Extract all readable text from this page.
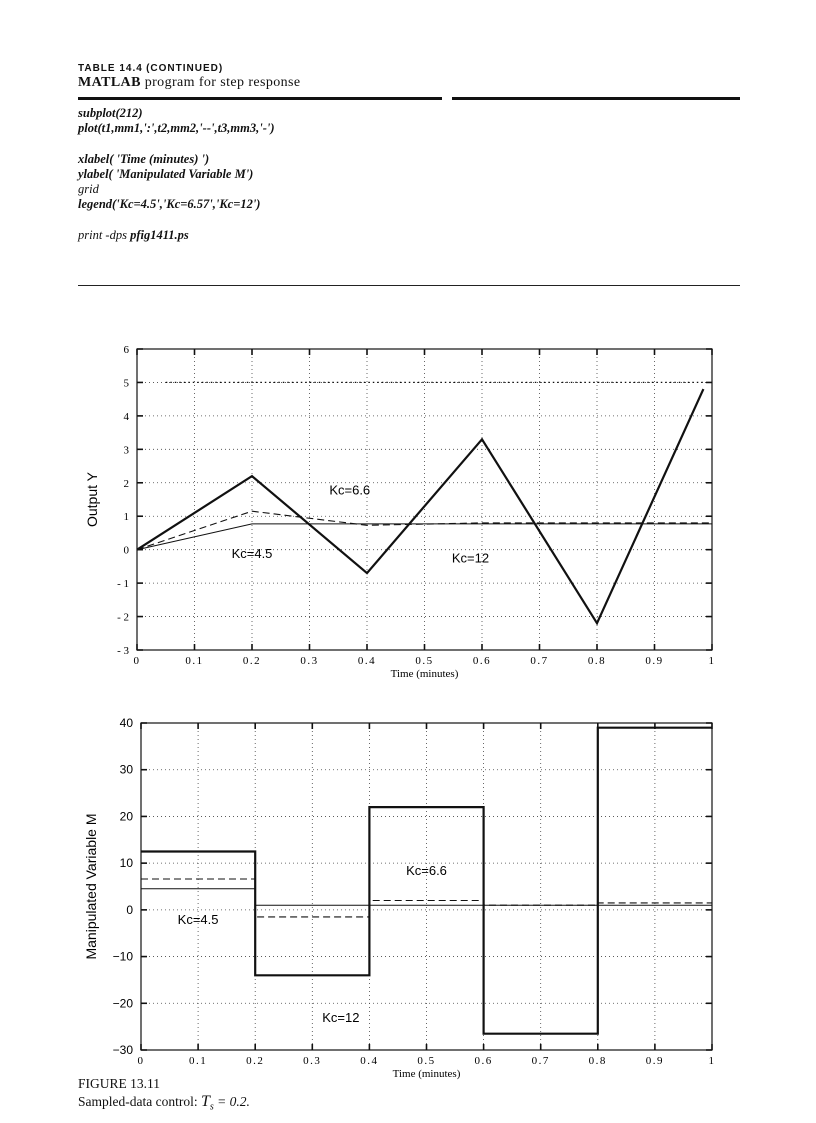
TABLE 14.4 (CONTINUED)
MATLAB program for step response
subplot(212)
plot(t1,mm1,':',t2,mm2,'--',t3,mm3,'-')
xlabel( 'Time (minutes) ')
ylabel( 'Manipulated Variable M')
grid
legend('Kc=4.5','Kc=6.57','Kc=12')
print -dps pfig1411.ps
0	0.1	0.2	0.3	0.4	0.5	0.6	0.7	0.8	0.9	1
6
5
4
3
2
1
0
- 1
- 2
- 3
Time (minutes)
Output Y	Kc=6.6
Kc=4.5	Kc=12
0	0.1	0.2	0.3	0.4	0.5	0.6	0.7	0.8	0.9	1
40
30
20
10
0
−10
−20
−30
Time (minutes)
Manipulated Variable M	Kc=6.6
Kc=4.5
Kc=12
FIGURE 13.11
Sampled-data control: $T_s = 0.2$.
